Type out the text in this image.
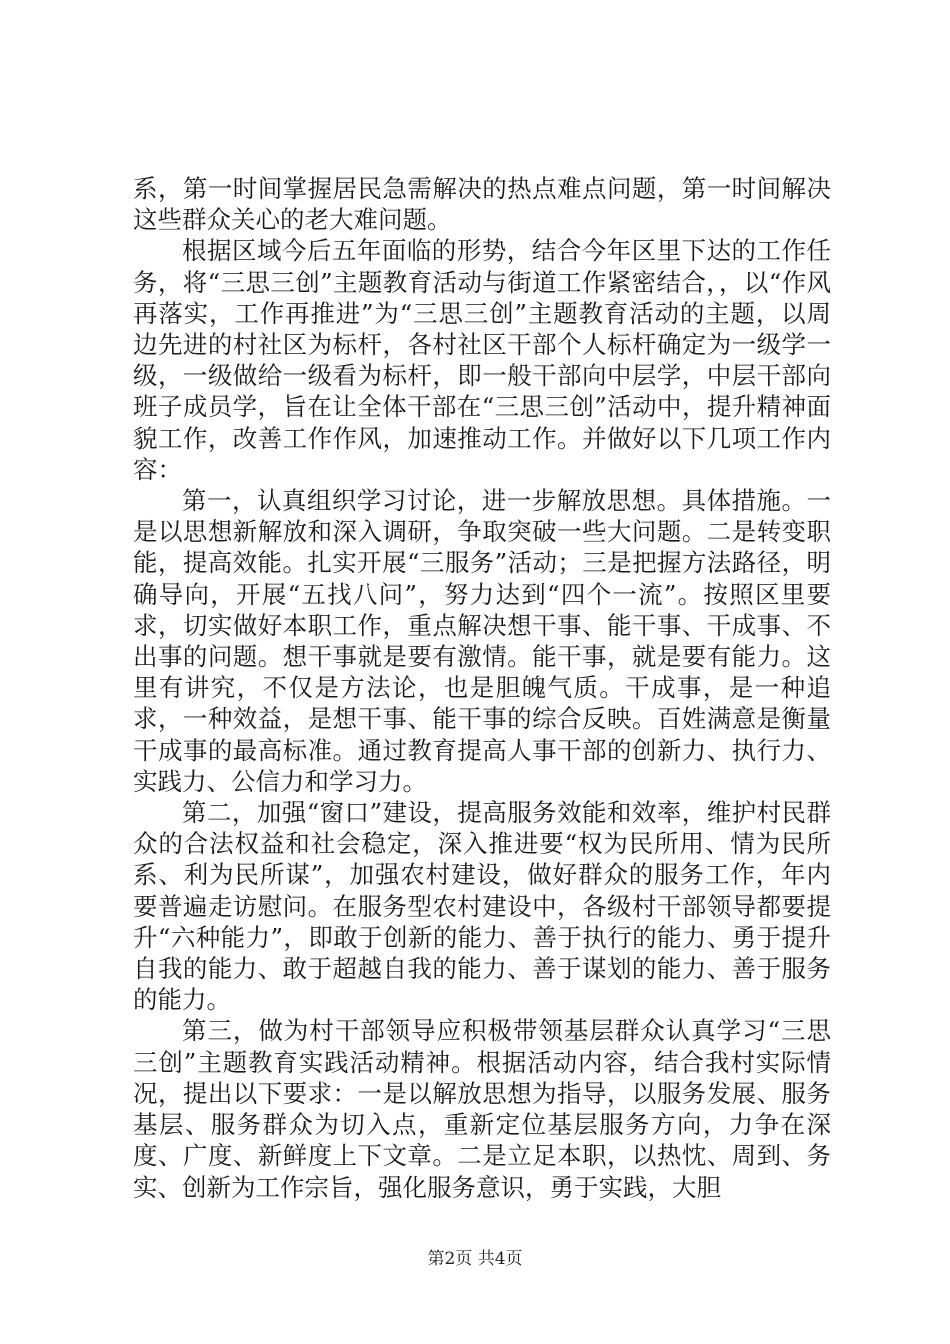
系，第一时间掌握居民急需解决的热点难点问题，第一时间解决这些群众关心的老大难问题。

根据区域今后五年面临的形势，结合今年区里下达的工作任务，将“三思三创”主题教育活动与街道工作紧密结合，，以“作风再落实，工作再推进”为“三思三创”主题教育活动的主题，以周边先进的村社区为标杆，各村社区干部个人标杆确定为一级学一级，一级做给一级看为标杆，即一般干部向中层学，中层干部向班子成员学，旨在让全体干部在“三思三创”活动中，提升精神面貌工作，改善工作作风，加速推动工作。并做好以下几项工作内容：

第一，认真组织学习讨论，进一步解放思想。具体措施。一是以思想新解放和深入调研，争取突破一些大问题。二是转变职能，提高效能。扎实开展“三服务”活动；三是把握方法路径，明确导向，开展“五找八问”，努力达到“四个一流”。按照区里要求，切实做好本职工作，重点解决想干事、能干事、干成事、不出事的问题。想干事就是要有激情。能干事，就是要有能力。这里有讲究，不仅是方法论，也是胆魄气质。干成事，是一种追求，一种效益，是想干事、能干事的综合反映。百姓满意是衡量干成事的最高标准。通过教育提高人事干部的创新力、执行力、实践力、公信力和学习力。

第二，加强“窗口”建设，提高服务效能和效率，维护村民群众的合法权益和社会稳定，深入推进要“权为民所用、情为民所系、利为民所谋”，加强农村建设，做好群众的服务工作，年内要普遍走访慰问。在服务型农村建设中，各级村干部领导都要提升“六种能力”，即敢于创新的能力、善于执行的能力、勇于提升自我的能力、敢于超越自我的能力、善于谋划的能力、善于服务的能力。

第三，做为村干部领导应积极带领基层群众认真学习“三思三创”主题教育实践活动精神。根据活动内容，结合我村实际情况，提出以下要求：一是以解放思想为指导，以服务发展、服务基层、服务群众为切入点，重新定位基层服务方向，力争在深度、广度、新鲜度上下文章。二是立足本职，以热忱、周到、务实、创新为工作宗旨，强化服务意识，勇于实践，大胆

第2页 共4页
